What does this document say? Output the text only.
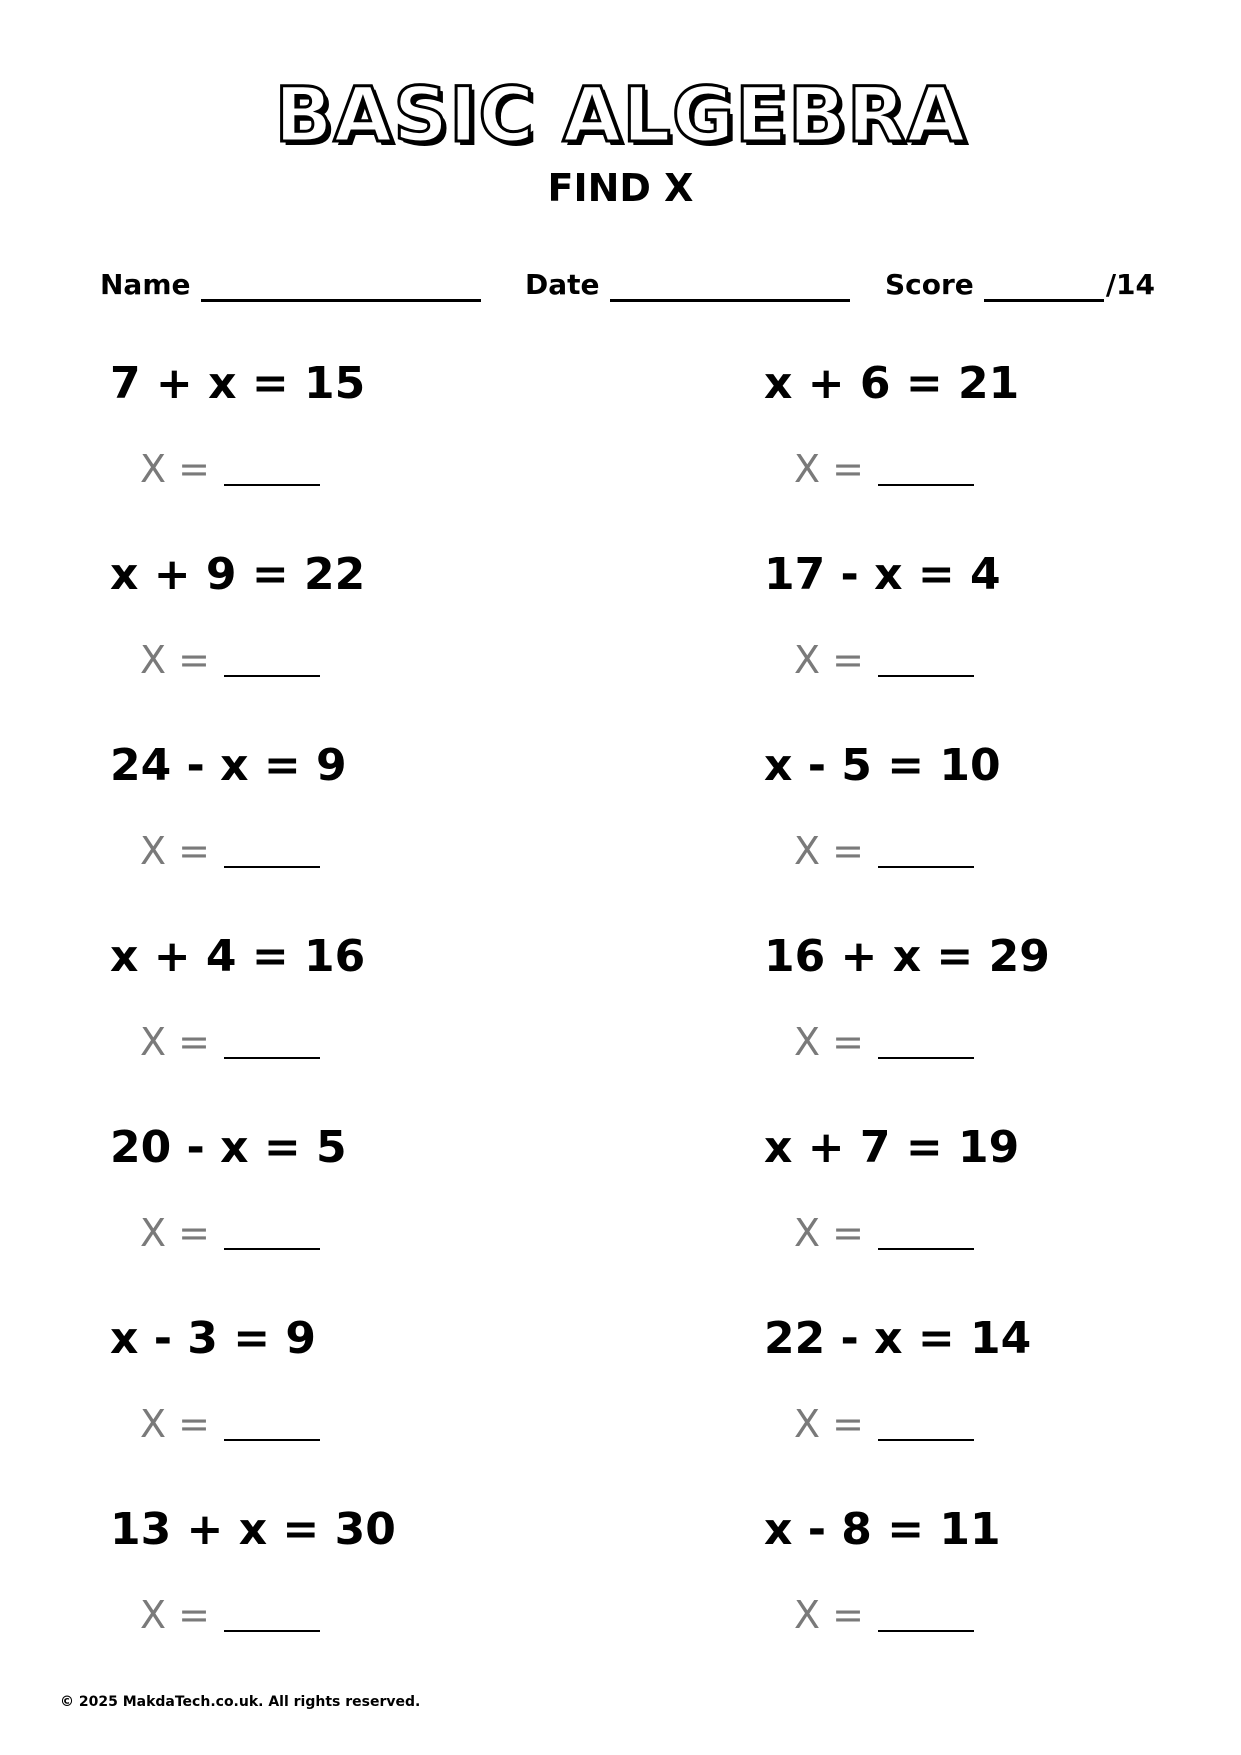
BASIC ALGEBRA
FIND X
Name	Date	Score	/14
7 + x = 15
X =
x + 9 = 22
X =
24 - x = 9
X =
x + 4 = 16
X =
20 - x = 5
X =
x - 3 = 9
X =
13 + x = 30
X =
x + 6 = 21
X =
17 - x = 4
X =
x - 5 = 10
X =
16 + x = 29
X =
x + 7 = 19
X =
22 - x = 14
X =
x - 8 = 11
X =
© 2025 MakdaTech.co.uk. All rights reserved.
